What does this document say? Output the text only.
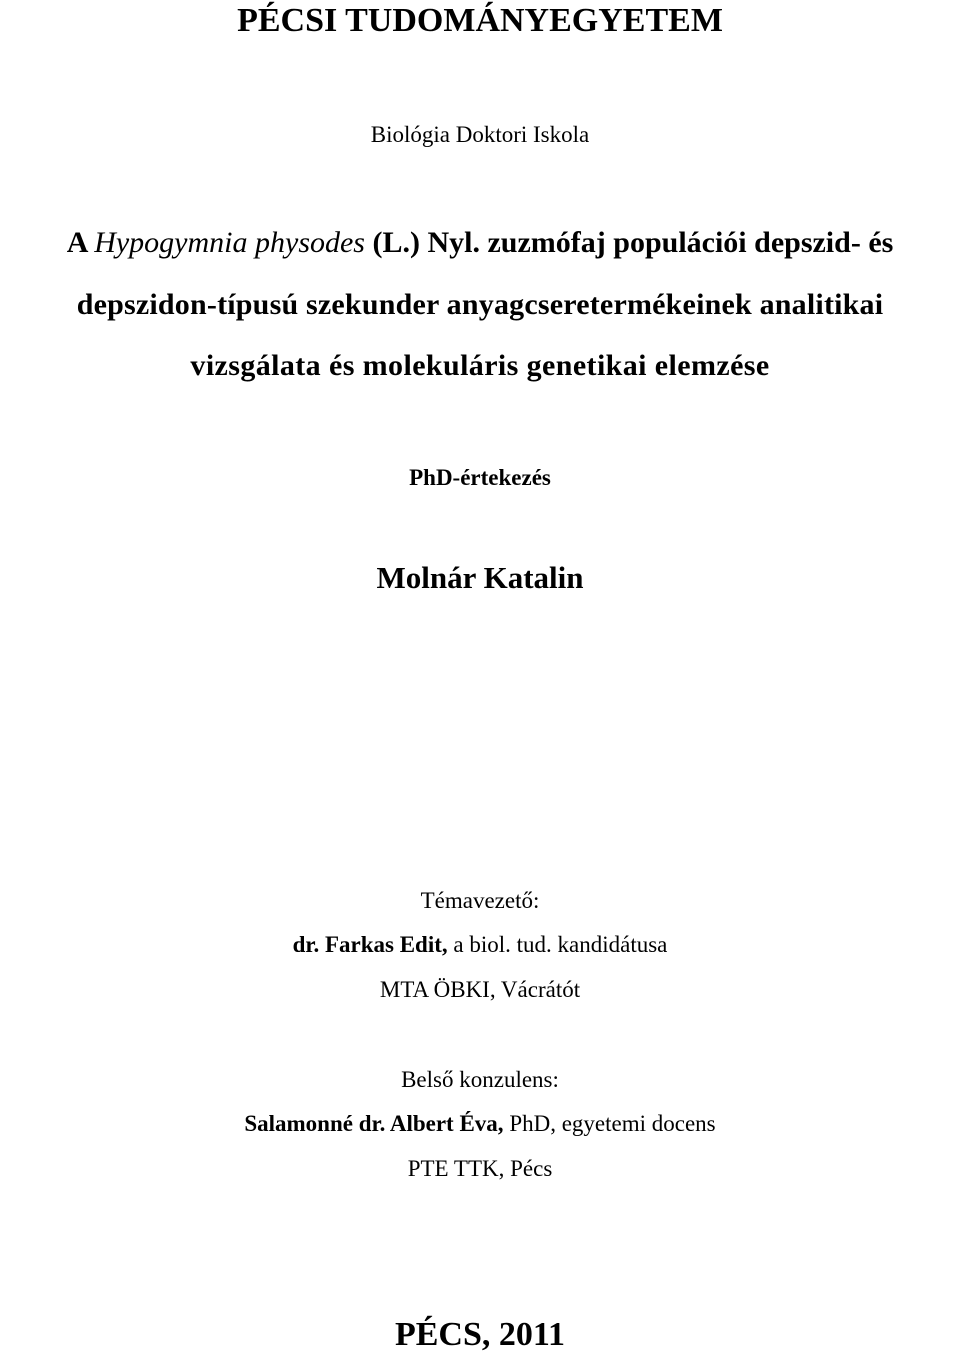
PÉCSI TUDOMÁNYEGYETEM
Biológia Doktori Iskola
A Hypogymnia physodes (L.) Nyl. zuzmófaj populációi depszid- és
depszidon-típusú szekunder anyagcseretermékeinek analitikai
vizsgálata és molekuláris genetikai elemzése
PhD-értekezés
Molnár Katalin
Témavezető:
dr. Farkas Edit, a biol. tud. kandidátusa
MTA ÖBKI, Vácrátót
Belső konzulens:
Salamonné dr. Albert Éva, PhD, egyetemi docens
PTE TTK, Pécs
PÉCS, 2011
